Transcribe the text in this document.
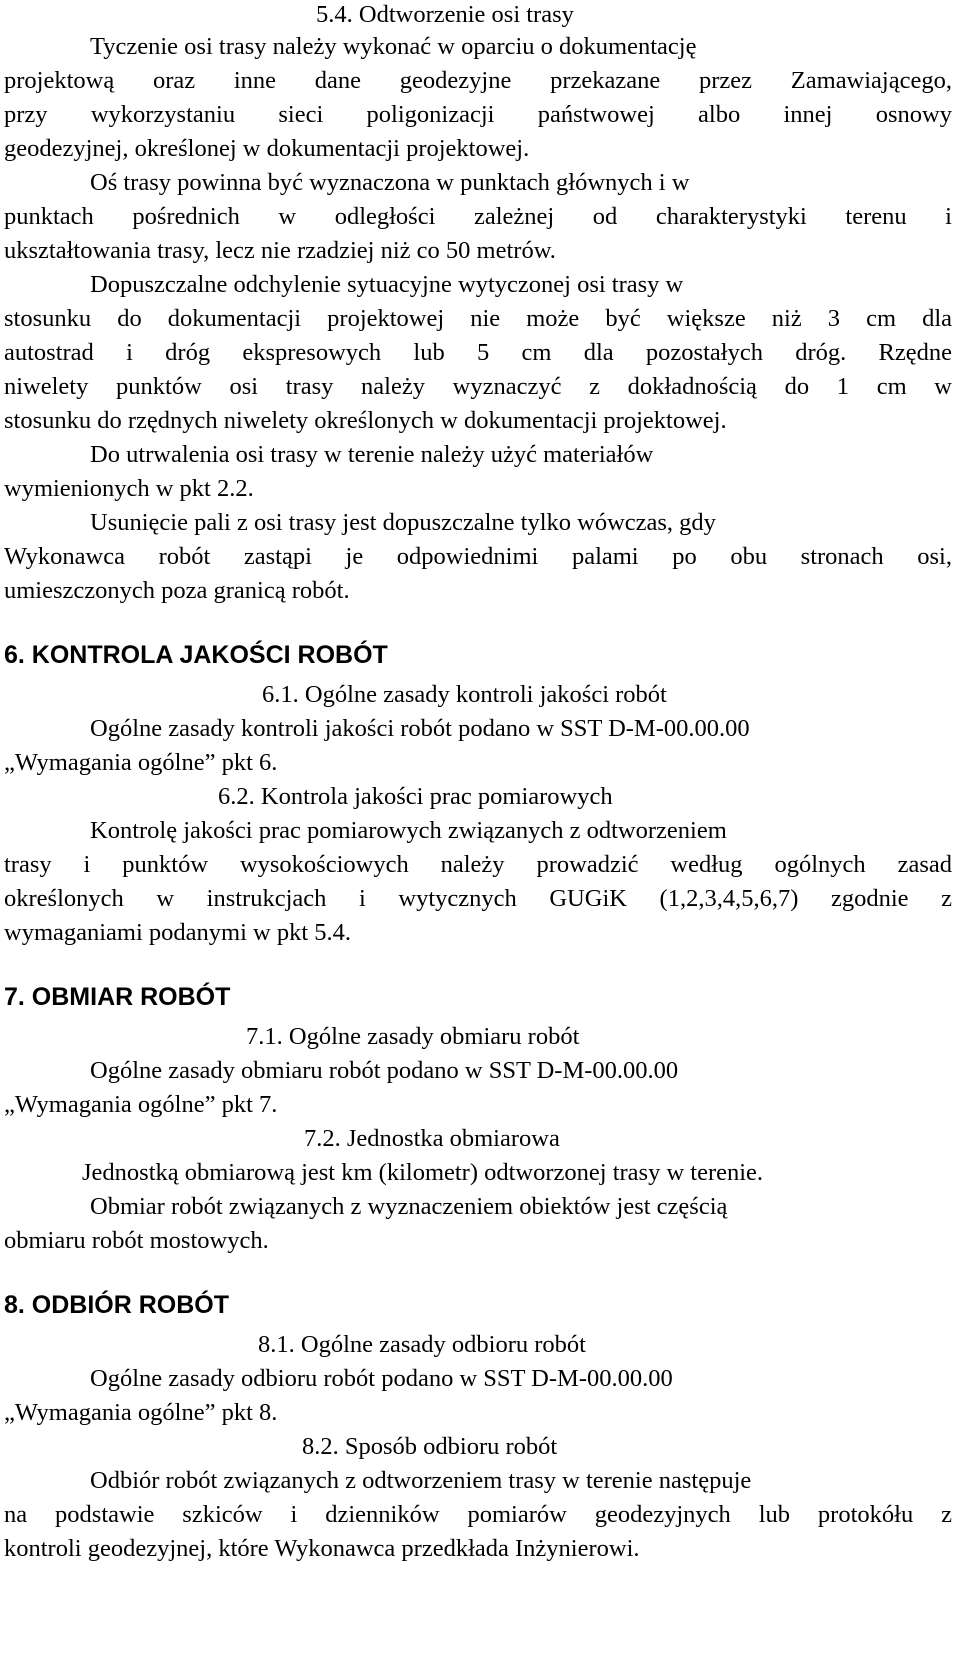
5.4. Odtworzenie osi trasy
Tyczenie osi trasy należy wykonać w oparciu o dokumentację
projektową oraz inne dane geodezyjne przekazane przez Zamawiającego,
przy wykorzystaniu sieci poligonizacji państwowej albo innej osnowy
geodezyjnej, określonej w dokumentacji projektowej.
Oś trasy powinna być wyznaczona w punktach głównych i w
punktach pośrednich w odległości zależnej od charakterystyki terenu i
ukształtowania trasy, lecz nie rzadziej niż co 50 metrów.
Dopuszczalne odchylenie sytuacyjne wytyczonej osi trasy w
stosunku do dokumentacji projektowej nie może być większe niż 3 cm dla
autostrad i dróg ekspresowych lub 5 cm dla pozostałych dróg. Rzędne
niwelety punktów osi trasy należy wyznaczyć z dokładnością do 1 cm w
stosunku do rzędnych niwelety określonych w dokumentacji projektowej.
Do utrwalenia osi trasy w terenie należy użyć materiałów
wymienionych w pkt 2.2.
Usunięcie pali z osi trasy jest dopuszczalne tylko wówczas, gdy
Wykonawca robót zastąpi je odpowiednimi palami po obu stronach osi,
umieszczonych poza granicą robót.
6. KONTROLA JAKOŚCI ROBÓT
6.1. Ogólne zasady kontroli jakości robót
Ogólne zasady kontroli jakości robót podano w SST D-M-00.00.00
„Wymagania ogólne” pkt 6.
6.2. Kontrola jakości prac pomiarowych
Kontrolę jakości prac pomiarowych związanych z odtworzeniem
trasy i punktów wysokościowych należy prowadzić według ogólnych zasad
określonych w instrukcjach i wytycznych GUGiK (1,2,3,4,5,6,7) zgodnie z
wymaganiami podanymi w pkt 5.4.
7. OBMIAR ROBÓT
7.1. Ogólne zasady obmiaru robót
Ogólne zasady obmiaru robót podano w SST D-M-00.00.00
„Wymagania ogólne” pkt 7.
7.2. Jednostka obmiarowa
Jednostką obmiarową jest km (kilometr) odtworzonej trasy w terenie.
Obmiar robót związanych z wyznaczeniem obiektów jest częścią
obmiaru robót mostowych.
8. ODBIÓR ROBÓT
8.1. Ogólne zasady odbioru robót
Ogólne zasady odbioru robót podano w SST D-M-00.00.00
„Wymagania ogólne” pkt 8.
8.2. Sposób odbioru robót
Odbiór robót związanych z odtworzeniem trasy w terenie następuje
na podstawie szkiców i dzienników pomiarów geodezyjnych lub protokółu z
kontroli geodezyjnej, które Wykonawca przedkłada Inżynierowi.
